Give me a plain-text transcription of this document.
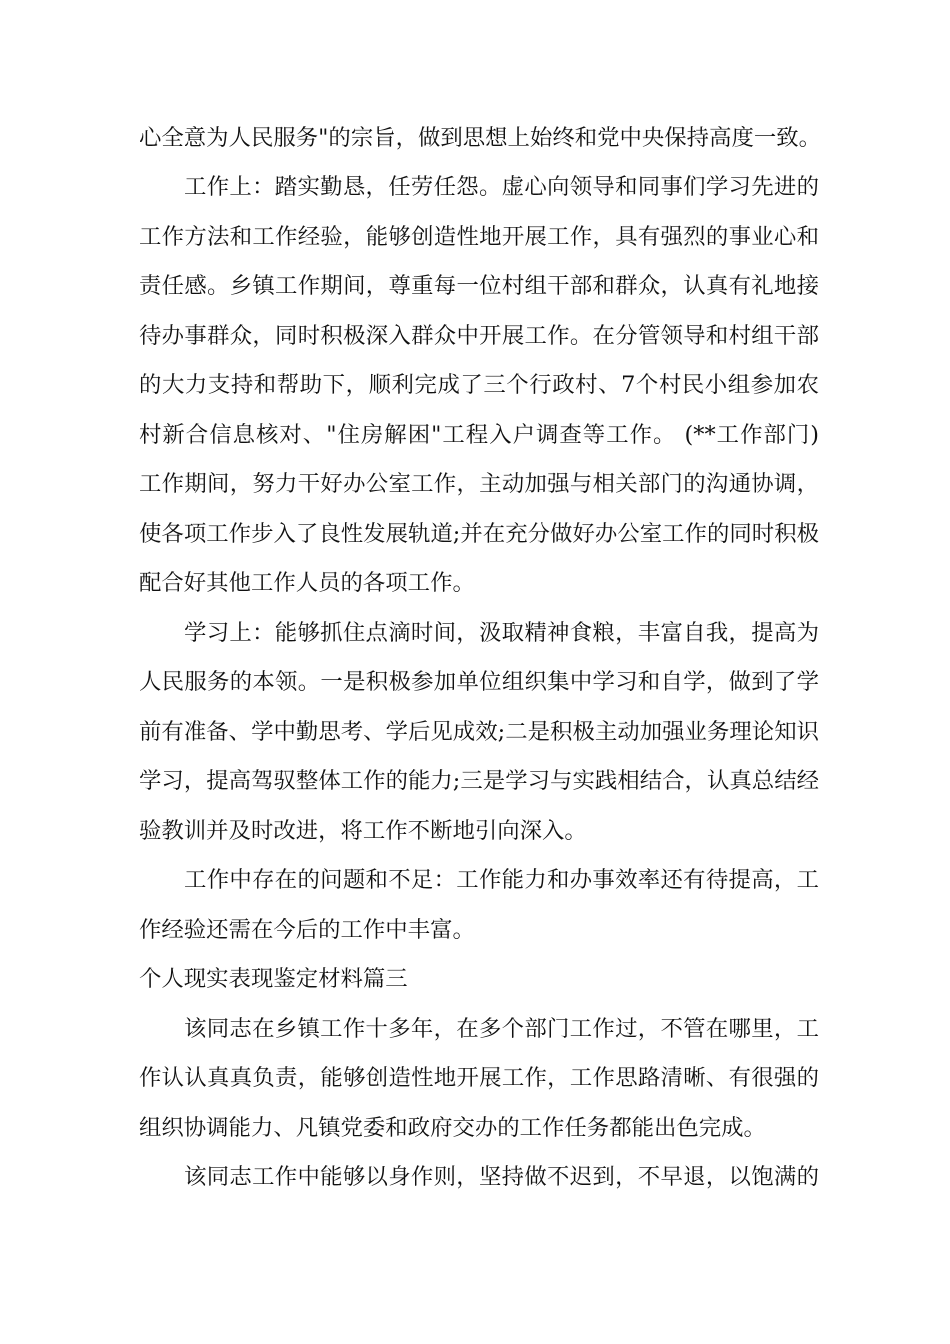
心全意为人民服务"的宗旨，做到思想上始终和党中央保持高度一致。
工作上：踏实勤恳，任劳任怨。虚心向领导和同事们学习先进的
工作方法和工作经验，能够创造性地开展工作，具有强烈的事业心和
责任感。乡镇工作期间，尊重每一位村组干部和群众，认真有礼地接
待办事群众，同时积极深入群众中开展工作。在分管领导和村组干部
的大力支持和帮助下，顺利完成了三个行政村、7个村民小组参加农
村新合信息核对、"住房解困"工程入户调查等工作。 (**工作部门)
工作期间，努力干好办公室工作，主动加强与相关部门的沟通协调，
使各项工作步入了良性发展轨道;并在充分做好办公室工作的同时积极
配合好其他工作人员的各项工作。
学习上：能够抓住点滴时间，汲取精神食粮，丰富自我，提高为
人民服务的本领。一是积极参加单位组织集中学习和自学，做到了学
前有准备、学中勤思考、学后见成效;二是积极主动加强业务理论知识
学习，提高驾驭整体工作的能力;三是学习与实践相结合，认真总结经
验教训并及时改进，将工作不断地引向深入。
工作中存在的问题和不足：工作能力和办事效率还有待提高，工
作经验还需在今后的工作中丰富。
个人现实表现鉴定材料篇三
该同志在乡镇工作十多年，在多个部门工作过，不管在哪里，工
作认认真真负责，能够创造性地开展工作，工作思路清晰、有很强的
组织协调能力、凡镇党委和政府交办的工作任务都能出色完成。
该同志工作中能够以身作则，坚持做不迟到，不早退，以饱满的
